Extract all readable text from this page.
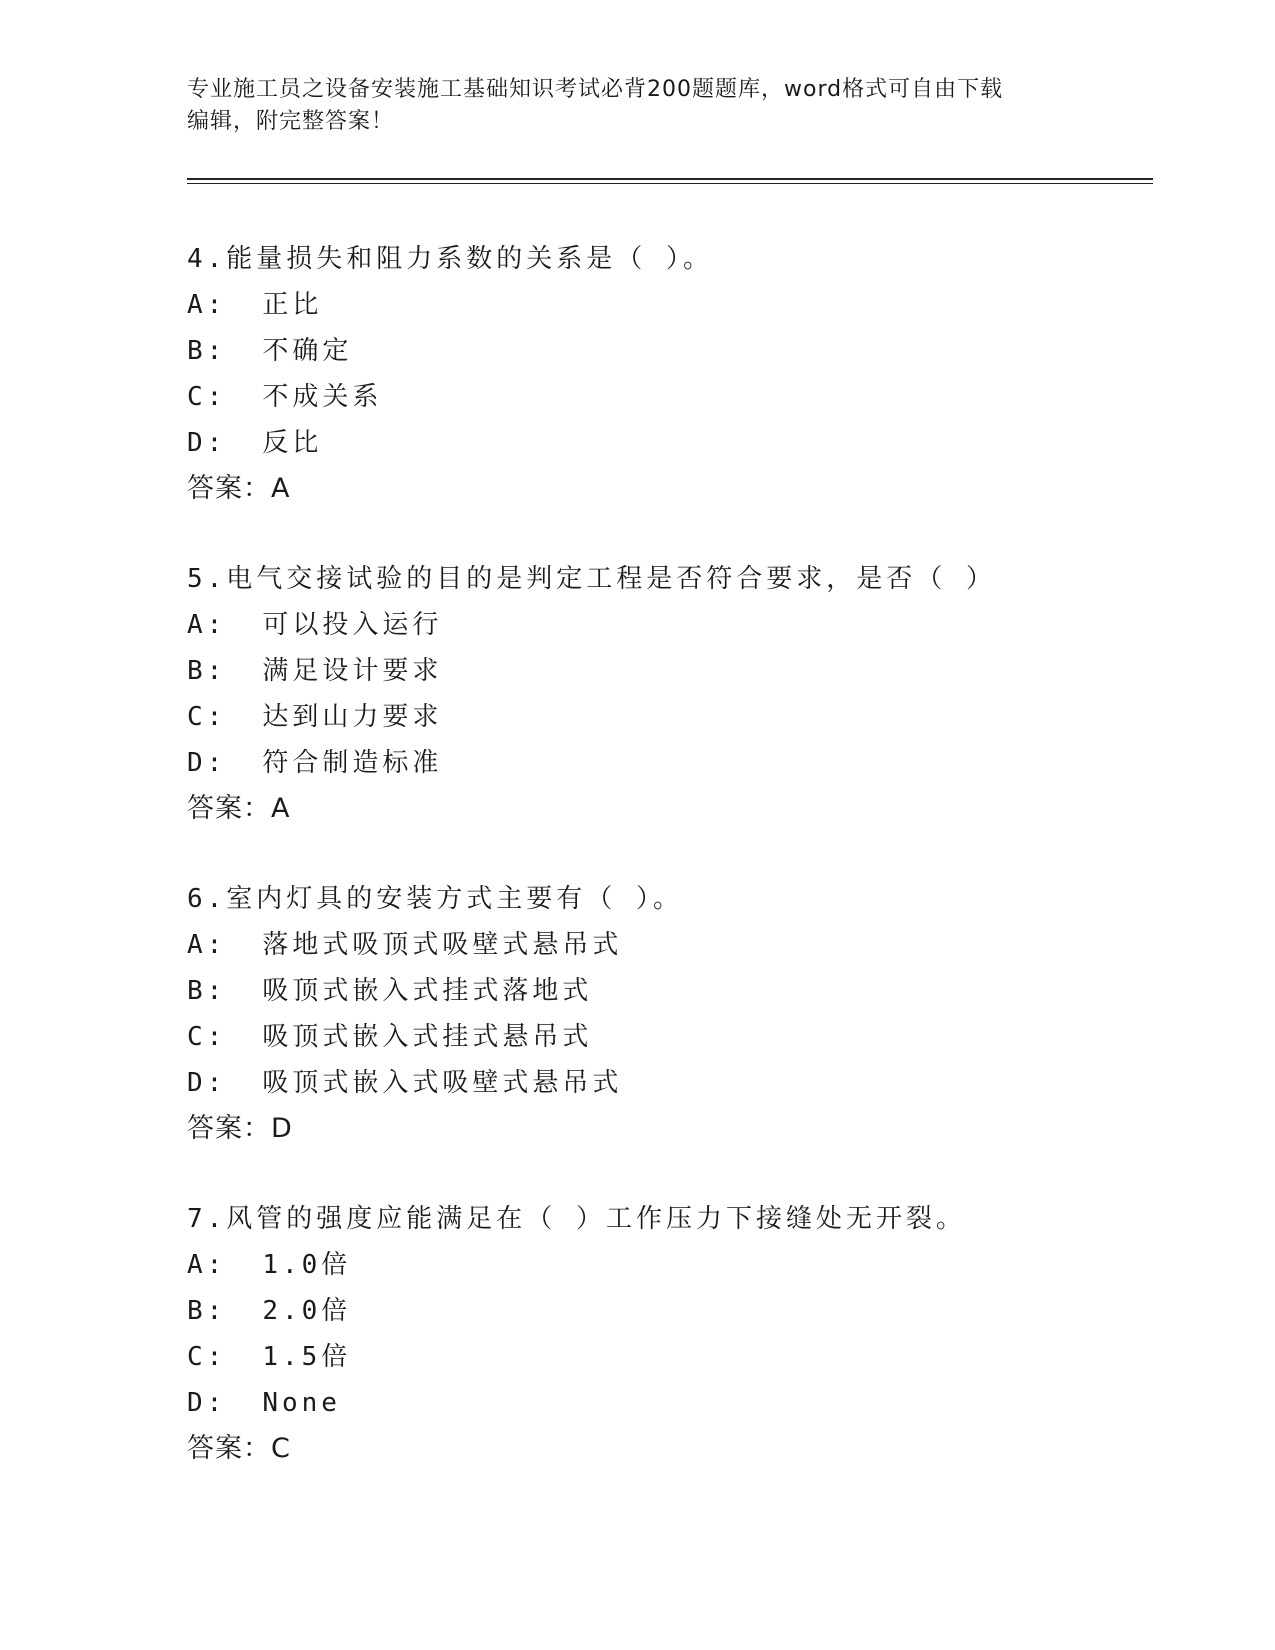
专业施工员之设备安装施工基础知识考试必背200题题库，word格式可自由下载
编辑，附完整答案！
4.能量损失和阻力系数的关系是（ ）。
A: 正比
B: 不确定
C: 不成关系
D: 反比
答案：A
5.电气交接试验的目的是判定工程是否符合要求，是否（ ）
A: 可以投入运行
B: 满足设计要求
C: 达到山力要求
D: 符合制造标准
答案：A
6.室内灯具的安装方式主要有（ ）。
A: 落地式吸顶式吸壁式悬吊式
B: 吸顶式嵌入式挂式落地式
C: 吸顶式嵌入式挂式悬吊式
D: 吸顶式嵌入式吸壁式悬吊式
答案：D
7.风管的强度应能满足在（ ）工作压力下接缝处无开裂。
A: 1.0倍
B: 2.0倍
C: 1.5倍
D: None
答案：C
